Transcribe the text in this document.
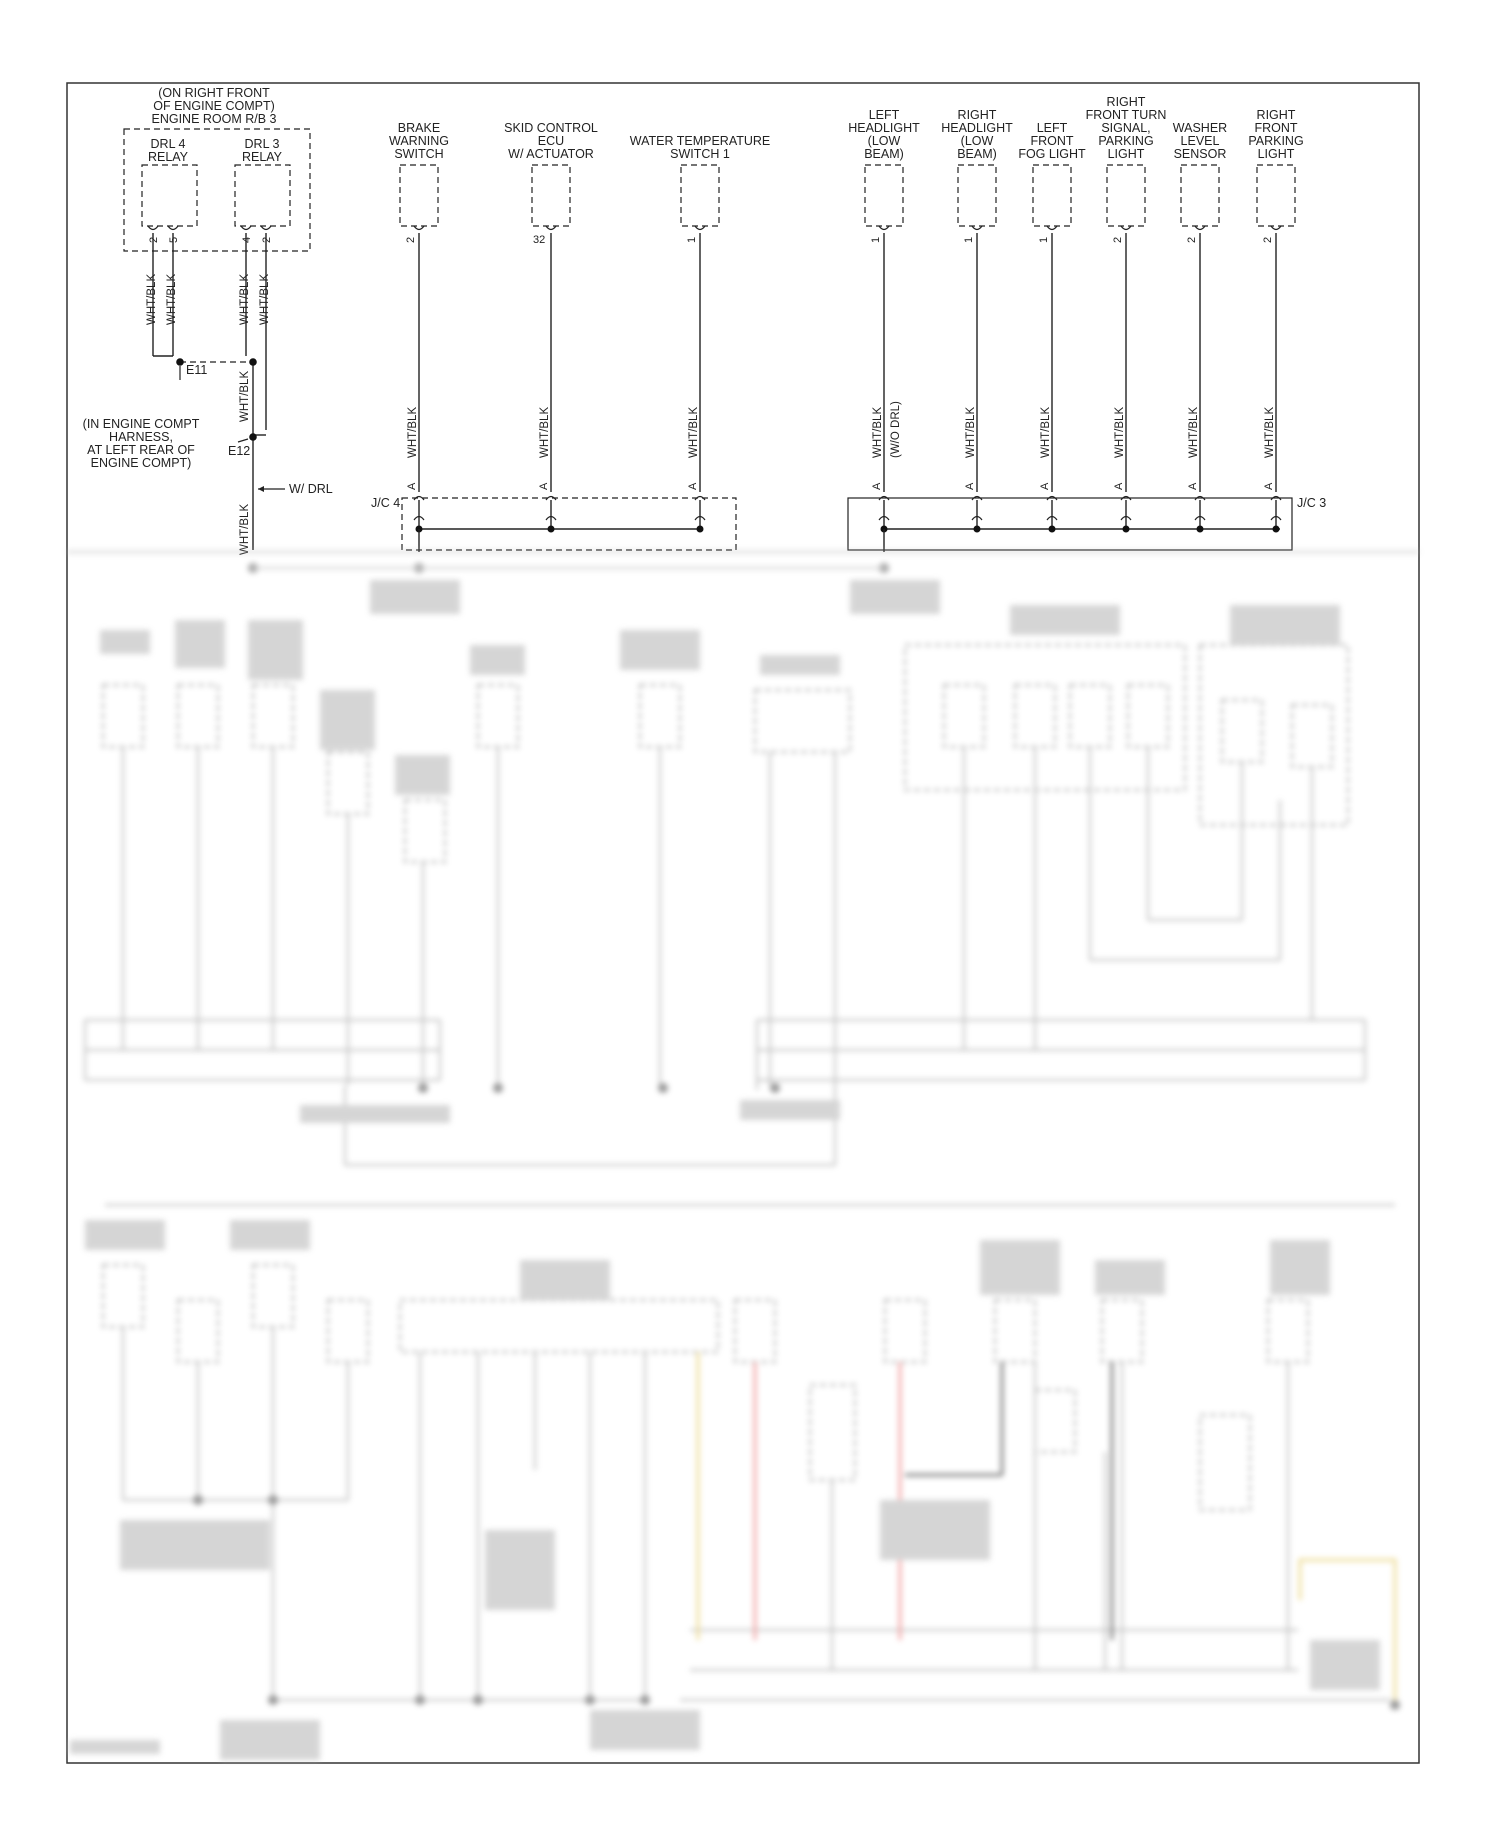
(ON RIGHT FRONT
OF ENGINE COMPT)
ENGINE ROOM R/B 3
DRL 4
RELAY
DRL 3
RELAY
2 5	4 2
WHT/BLK WHT/BLK	WHT/BLK WHT/BLK
WHT/BLK
WHT/BLK
E11
E12
(IN ENGINE COMPT
HARNESS,
AT LEFT REAR OF
ENGINE COMPT)
W/ DRL
J/C 4	J/C 3
BRAKE
WARNING
SWITCH
2
WHT/BLK
A
SKID CONTROL
ECU
W/ ACTUATOR
32
WHT/BLK
A
WATER TEMPERATURE
SWITCH 1
1
WHT/BLK
A
LEFT
HEADLIGHT
(LOW
BEAM)
1
WHT/BLK
A
RIGHT
HEADLIGHT
(LOW
BEAM)
1
WHT/BLK
A
LEFT
FRONT
FOG LIGHT
1
WHT/BLK
A
RIGHT
FRONT TURN
SIGNAL,
PARKING
LIGHT
2
WHT/BLK
A
WASHER
LEVEL
SENSOR
2
WHT/BLK
A
RIGHT
FRONT
PARKING
LIGHT
2
WHT/BLK
A
(W/O DRL)
